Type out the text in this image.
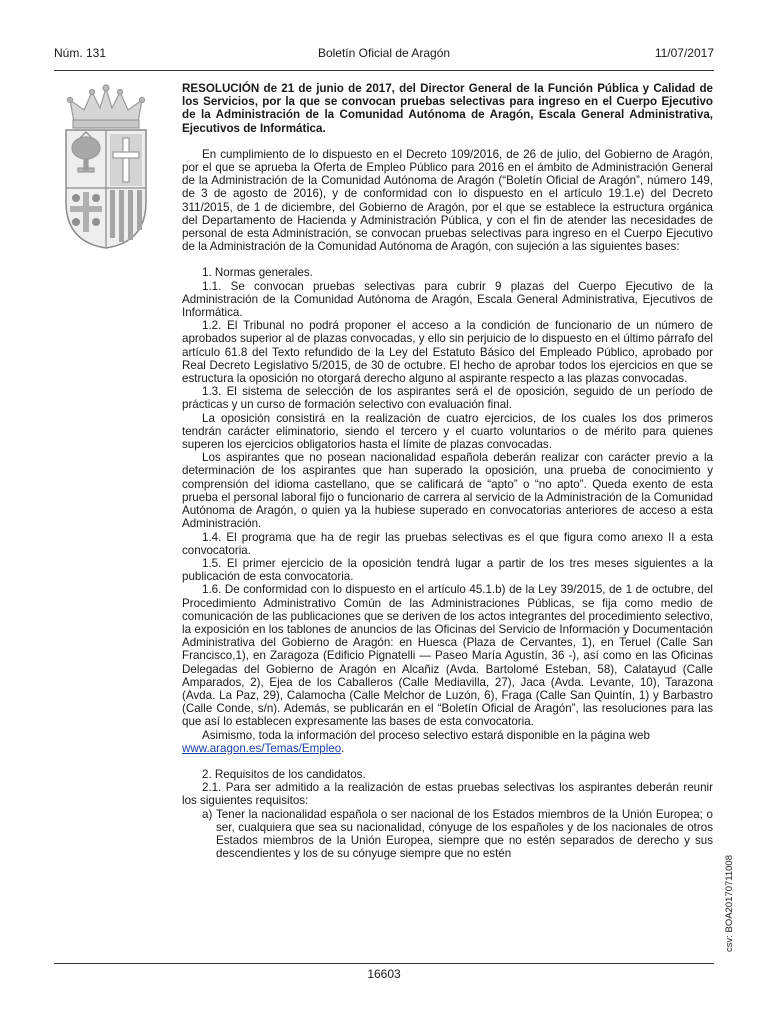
Núm. 131	Boletín Oficial de Aragón	11/07/2017

RESOLUCIÓN de 21 de junio de 2017, del Director General de la Función Pública y Calidad de los Servicios, por la que se convocan pruebas selectivas para ingreso en el Cuerpo Ejecutivo de la Administración de la Comunidad Autónoma de Aragón, Escala General Administrativa, Ejecutivos de Informática.

En cumplimiento de lo dispuesto en el Decreto 109/2016, de 26 de julio, del Gobierno de Aragón, por el que se aprueba la Oferta de Empleo Público para 2016 en el ámbito de Administración General de la Administración de la Comunidad Autónoma de Aragón (“Boletín Oficial de Aragón”, número 149, de 3 de agosto de 2016), y de conformidad con lo dispuesto en el artículo 19.1.e) del Decreto 311/2015, de 1 de diciembre, del Gobierno de Aragón, por el que se establece la estructura orgánica del Departamento de Hacienda y Administración Pública, y con el fin de atender las necesidades de personal de esta Administración, se convocan pruebas selectivas para ingreso en el Cuerpo Ejecutivo de la Administración de la Comunidad Autónoma de Aragón, con sujeción a las siguientes bases:

1. Normas generales.

1.1. Se convocan pruebas selectivas para cubrir 9 plazas del Cuerpo Ejecutivo de la Administración de la Comunidad Autónoma de Aragón, Escala General Administrativa, Ejecutivos de Informática.

1.2. El Tribunal no podrá proponer el acceso a la condición de funcionario de un número de aprobados superior al de plazas convocadas, y ello sin perjuicio de lo dispuesto en el último párrafo del artículo 61.8 del Texto refundido de la Ley del Estatuto Básico del Empleado Público, aprobado por Real Decreto Legislativo 5/2015, de 30 de octubre. El hecho de aprobar todos los ejercicios en que se estructura la oposición no otorgará derecho alguno al aspirante respecto a las plazas convocadas.

1.3. El sistema de selección de los aspirantes será el de oposición, seguido de un período de prácticas y un curso de formación selectivo con evaluación final.

La oposición consistirá en la realización de cuatro ejercicios, de los cuales los dos primeros tendrán carácter eliminatorio, siendo el tercero y el cuarto voluntarios o de mérito para quienes superen los ejercicios obligatorios hasta el límite de plazas convocadas.

Los aspirantes que no posean nacionalidad española deberán realizar con carácter previo a la determinación de los aspirantes que han superado la oposición, una prueba de conocimiento y comprensión del idioma castellano, que se calificará de “apto” o “no apto”. Queda exento de esta prueba el personal laboral fijo o funcionario de carrera al servicio de la Administración de la Comunidad Autónoma de Aragón, o quien ya la hubiese superado en convocatorias anteriores de acceso a esta Administración.

1.4. El programa que ha de regir las pruebas selectivas es el que figura como anexo II a esta convocatoria.

1.5. El primer ejercicio de la oposición tendrá lugar a partir de los tres meses siguientes a la publicación de esta convocatoria.

1.6. De conformidad con lo dispuesto en el artículo 45.1.b) de la Ley 39/2015, de 1 de octubre, del Procedimiento Administrativo Común de las Administraciones Públicas, se fija como medio de comunicación de las publicaciones que se deriven de los actos integrantes del procedimiento selectivo, la exposición en los tablones de anuncios de las Oficinas del Servicio de Información y Documentación Administrativa del Gobierno de Aragón: en Huesca (Plaza de Cervantes, 1), en Teruel (Calle San Francisco,1), en Zaragoza (Edificio Pignatelli — Paseo María Agustín, 36 -), así como en las Oficinas Delegadas del Gobierno de Aragón en Alcañiz (Avda. Bartolomé Esteban, 58), Calatayud (Calle Amparados, 2), Ejea de los Caballeros (Calle Mediavilla, 27), Jaca (Avda. Levante, 10), Tarazona (Avda. La Paz, 29), Calamocha (Calle Melchor de Luzón, 6), Fraga (Calle San Quintín, 1) y Barbastro (Calle Conde, s/n). Además, se publicarán en el “Boletín Oficial de Aragón”, las resoluciones para las que así lo establecen expresamente las bases de esta convocatoria.

Asimismo, toda la información del proceso selectivo estará disponible en la página web
www.aragon.es/Temas/Empleo.

2. Requisitos de los candidatos.

2.1. Para ser admitido a la realización de estas pruebas selectivas los aspirantes deberán reunir los siguientes requisitos:

a) Tener la nacionalidad española o ser nacional de los Estados miembros de la Unión Europea; o ser, cualquiera que sea su nacionalidad, cónyuge de los españoles y de los nacionales de otros Estados miembros de la Unión Europea, siempre que no estén separados de derecho y sus descendientes y los de su cónyuge siempre que no estén
csv: BOA20170711008
16603
